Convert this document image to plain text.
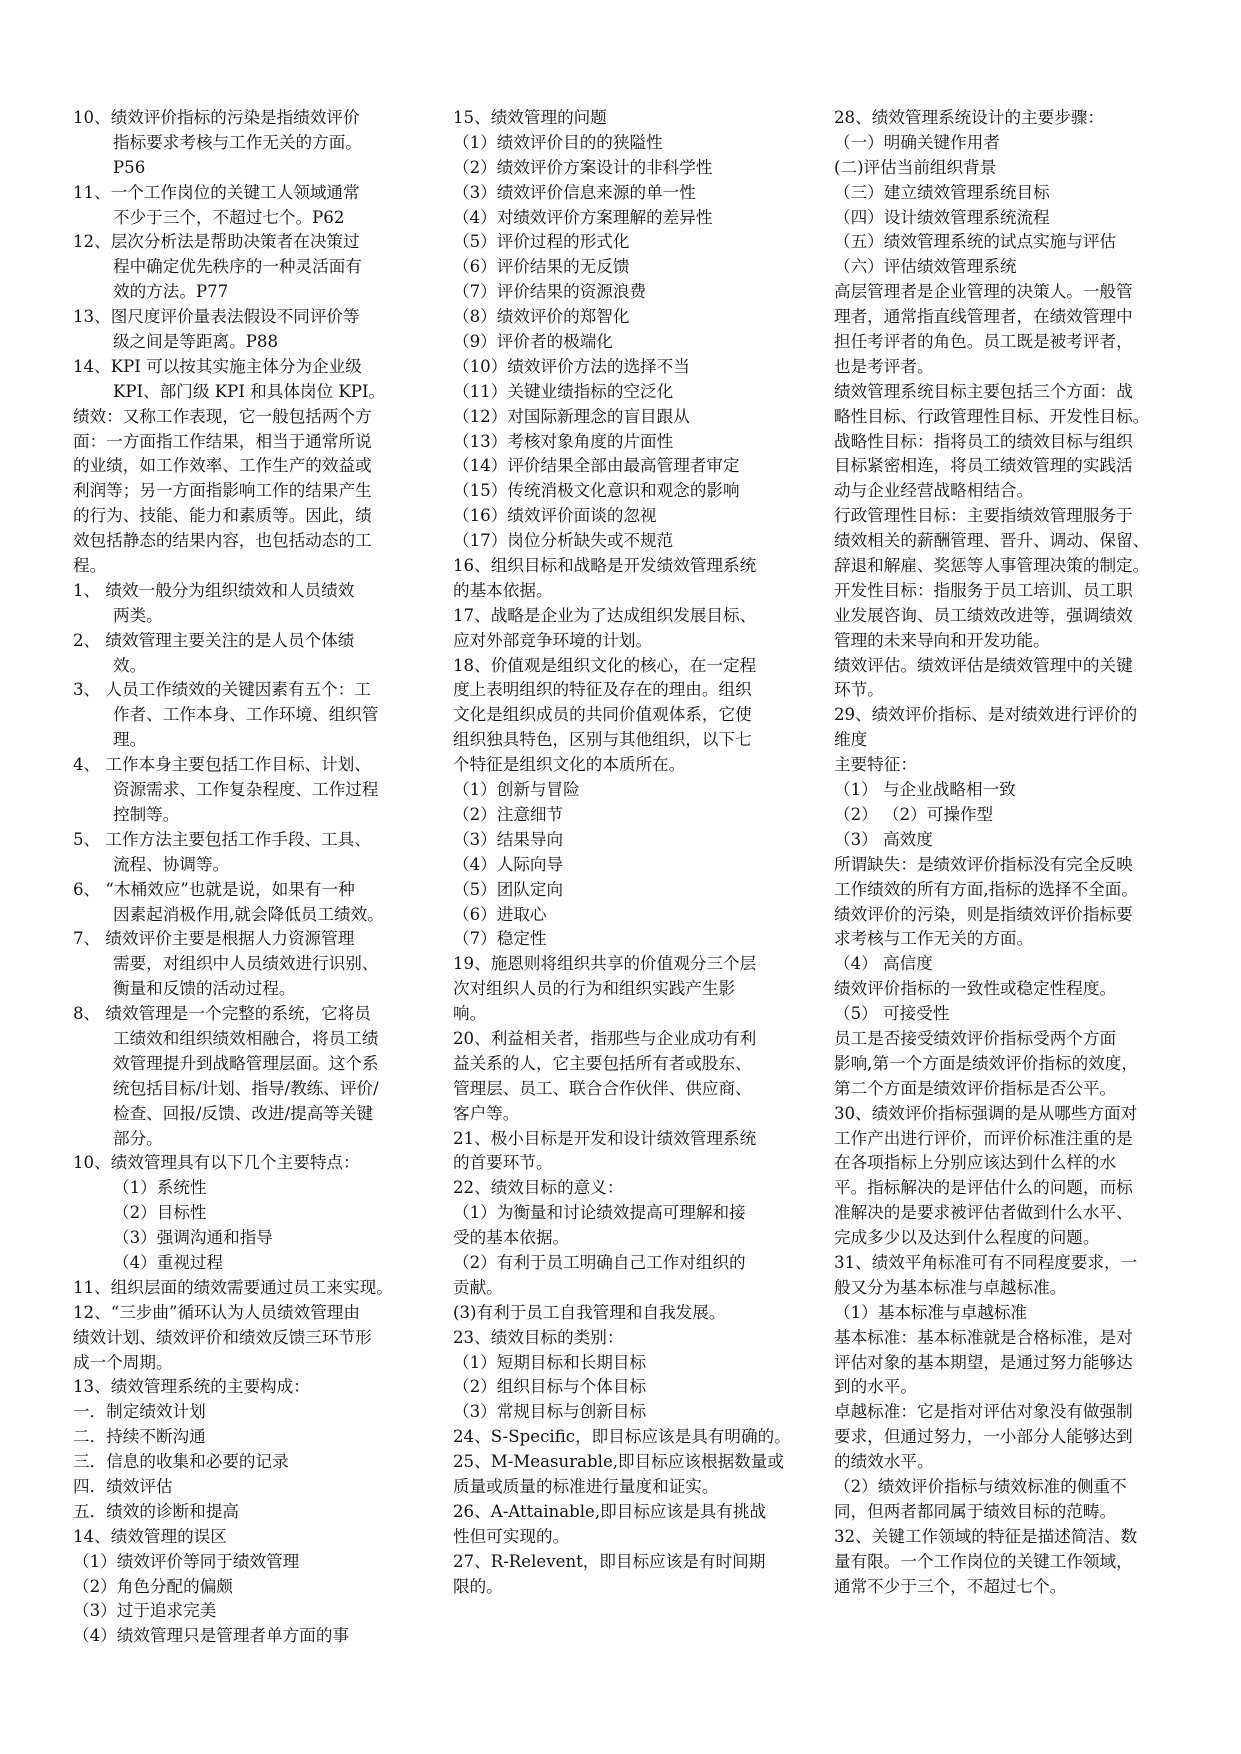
10、绩效评价指标的污染是指绩效评价
指标要求考核与工作无关的方面。
P56
11、一个工作岗位的关键工人领域通常
不少于三个，不超过七个。P62
12、层次分析法是帮助决策者在决策过
程中确定优先秩序的一种灵活面有
效的方法。P77
13、图尺度评价量表法假设不同评价等
级之间是等距离。P88
14、KPI 可以按其实施主体分为企业级
KPI、部门级 KPI 和具体岗位 KPI。
绩效：又称工作表现，它一般包括两个方
面：一方面指工作结果，相当于通常所说
的业绩，如工作效率、工作生产的效益或
利润等；另一方面指影响工作的结果产生
的行为、技能、能力和素质等。因此，绩
效包括静态的结果内容，也包括动态的工
程。
1、 绩效一般分为组织绩效和人员绩效
两类。
2、 绩效管理主要关注的是人员个体绩
效。
3、 人员工作绩效的关键因素有五个：工
作者、工作本身、工作环境、组织管
理。
4、 工作本身主要包括工作目标、计划、
资源需求、工作复杂程度、工作过程
控制等。
5、 工作方法主要包括工作手段、工具、
流程、协调等。
6、 “木桶效应”也就是说，如果有一种
因素起消极作用,就会降低员工绩效。
7、 绩效评价主要是根据人力资源管理
需要，对组织中人员绩效进行识别、
衡量和反馈的活动过程。
8、 绩效管理是一个完整的系统，它将员
工绩效和组织绩效相融合，将员工绩
效管理提升到战略管理层面。这个系
统包括目标/计划、指导/教练、评价/
检查、回报/反馈、改进/提高等关键
部分。
10、绩效管理具有以下几个主要特点：
（1）系统性
（2）目标性
（3）强调沟通和指导
（4）重视过程
11、组织层面的绩效需要通过员工来实现。
12、“三步曲”循环认为人员绩效管理由
绩效计划、绩效评价和绩效反馈三环节形
成一个周期。
13、绩效管理系统的主要构成：
一．制定绩效计划
二．持续不断沟通
三．信息的收集和必要的记录
四．绩效评估
五．绩效的诊断和提高
14、绩效管理的误区
（1）绩效评价等同于绩效管理
（2）角色分配的偏颇
（3）过于追求完美
（4）绩效管理只是管理者单方面的事
15、绩效管理的问题
（1）绩效评价目的的狭隘性
（2）绩效评价方案设计的非科学性
（3）绩效评价信息来源的单一性
（4）对绩效评价方案理解的差异性
（5）评价过程的形式化
（6）评价结果的无反馈
（7）评价结果的资源浪费
（8）绩效评价的郑智化
（9）评价者的极端化
（10）绩效评价方法的选择不当
（11）关键业绩指标的空泛化
（12）对国际新理念的盲目跟从
（13）考核对象角度的片面性
（14）评价结果全部由最高管理者审定
（15）传统消极文化意识和观念的影响
（16）绩效评价面谈的忽视
（17）岗位分析缺失或不规范
16、组织目标和战略是开发绩效管理系统
的基本依据。
17、战略是企业为了达成组织发展目标、
应对外部竞争环境的计划。
18、价值观是组织文化的核心，在一定程
度上表明组织的特征及存在的理由。组织
文化是组织成员的共同价值观体系，它使
组织独具特色，区别与其他组织，以下七
个特征是组织文化的本质所在。
（1）创新与冒险
（2）注意细节
（3）结果导向
（4）人际向导
（5）团队定向
（6）进取心
（7）稳定性
19、施恩则将组织共享的价值观分三个层
次对组织人员的行为和组织实践产生影
响。
20、利益相关者，指那些与企业成功有利
益关系的人，它主要包括所有者或股东、
管理层、员工、联合合作伙伴、供应商、
客户等。
21、极小目标是开发和设计绩效管理系统
的首要环节。
22、绩效目标的意义：
（1）为衡量和讨论绩效提高可理解和接
受的基本依据。
（2）有利于员工明确自己工作对组织的
贡献。
(3)有利于员工自我管理和自我发展。
23、绩效目标的类别：
（1）短期目标和长期目标
（2）组织目标与个体目标
（3）常规目标与创新目标
24、S-Specific，即目标应该是具有明确的。
25、M-Measurable,即目标应该根据数量或
质量或质量的标准进行量度和证实。
26、A-Attainable,即目标应该是具有挑战
性但可实现的。
27、R-Relevent，即目标应该是有时间期
限的。
28、绩效管理系统设计的主要步骤：
（一）明确关键作用者
(二)评估当前组织背景
（三）建立绩效管理系统目标
（四）设计绩效管理系统流程
（五）绩效管理系统的试点实施与评估
（六）评估绩效管理系统
高层管理者是企业管理的决策人。一般管
理者，通常指直线管理者，在绩效管理中
担任考评者的角色。员工既是被考评者，
也是考评者。
绩效管理系统目标主要包括三个方面：战
略性目标、行政管理性目标、开发性目标。
战略性目标：指将员工的绩效目标与组织
目标紧密相连，将员工绩效管理的实践活
动与企业经营战略相结合。
行政管理性目标：主要指绩效管理服务于
绩效相关的薪酬管理、晋升、调动、保留、
辞退和解雇、奖惩等人事管理决策的制定。
开发性目标：指服务于员工培训、员工职
业发展咨询、员工绩效改进等，强调绩效
管理的未来导向和开发功能。
绩效评估。绩效评估是绩效管理中的关键
环节。
29、绩效评价指标、是对绩效进行评价的
维度
主要特征：
（1） 与企业战略相一致
（2） （2）可操作型
（3） 高效度
所谓缺失：是绩效评价指标没有完全反映
工作绩效的所有方面,指标的选择不全面。
绩效评价的污染，则是指绩效评价指标要
求考核与工作无关的方面。
（4） 高信度
绩效评价指标的一致性或稳定性程度。
（5） 可接受性
员工是否接受绩效评价指标受两个方面
影响,第一个方面是绩效评价指标的效度，
第二个方面是绩效评价指标是否公平。
30、绩效评价指标强调的是从哪些方面对
工作产出进行评价，而评价标准注重的是
在各项指标上分别应该达到什么样的水
平。指标解决的是评估什么的问题，而标
准解决的是要求被评估者做到什么水平、
完成多少以及达到什么程度的问题。
31、绩效平角标准可有不同程度要求，一
般又分为基本标准与卓越标准。
（1）基本标准与卓越标准
基本标准：基本标准就是合格标准，是对
评估对象的基本期望，是通过努力能够达
到的水平。
卓越标准：它是指对评估对象没有做强制
要求，但通过努力，一小部分人能够达到
的绩效水平。
（2）绩效评价指标与绩效标准的侧重不
同，但两者都同属于绩效目标的范畴。
32、关键工作领域的特征是描述简洁、数
量有限。一个工作岗位的关键工作领域，
通常不少于三个，不超过七个。
